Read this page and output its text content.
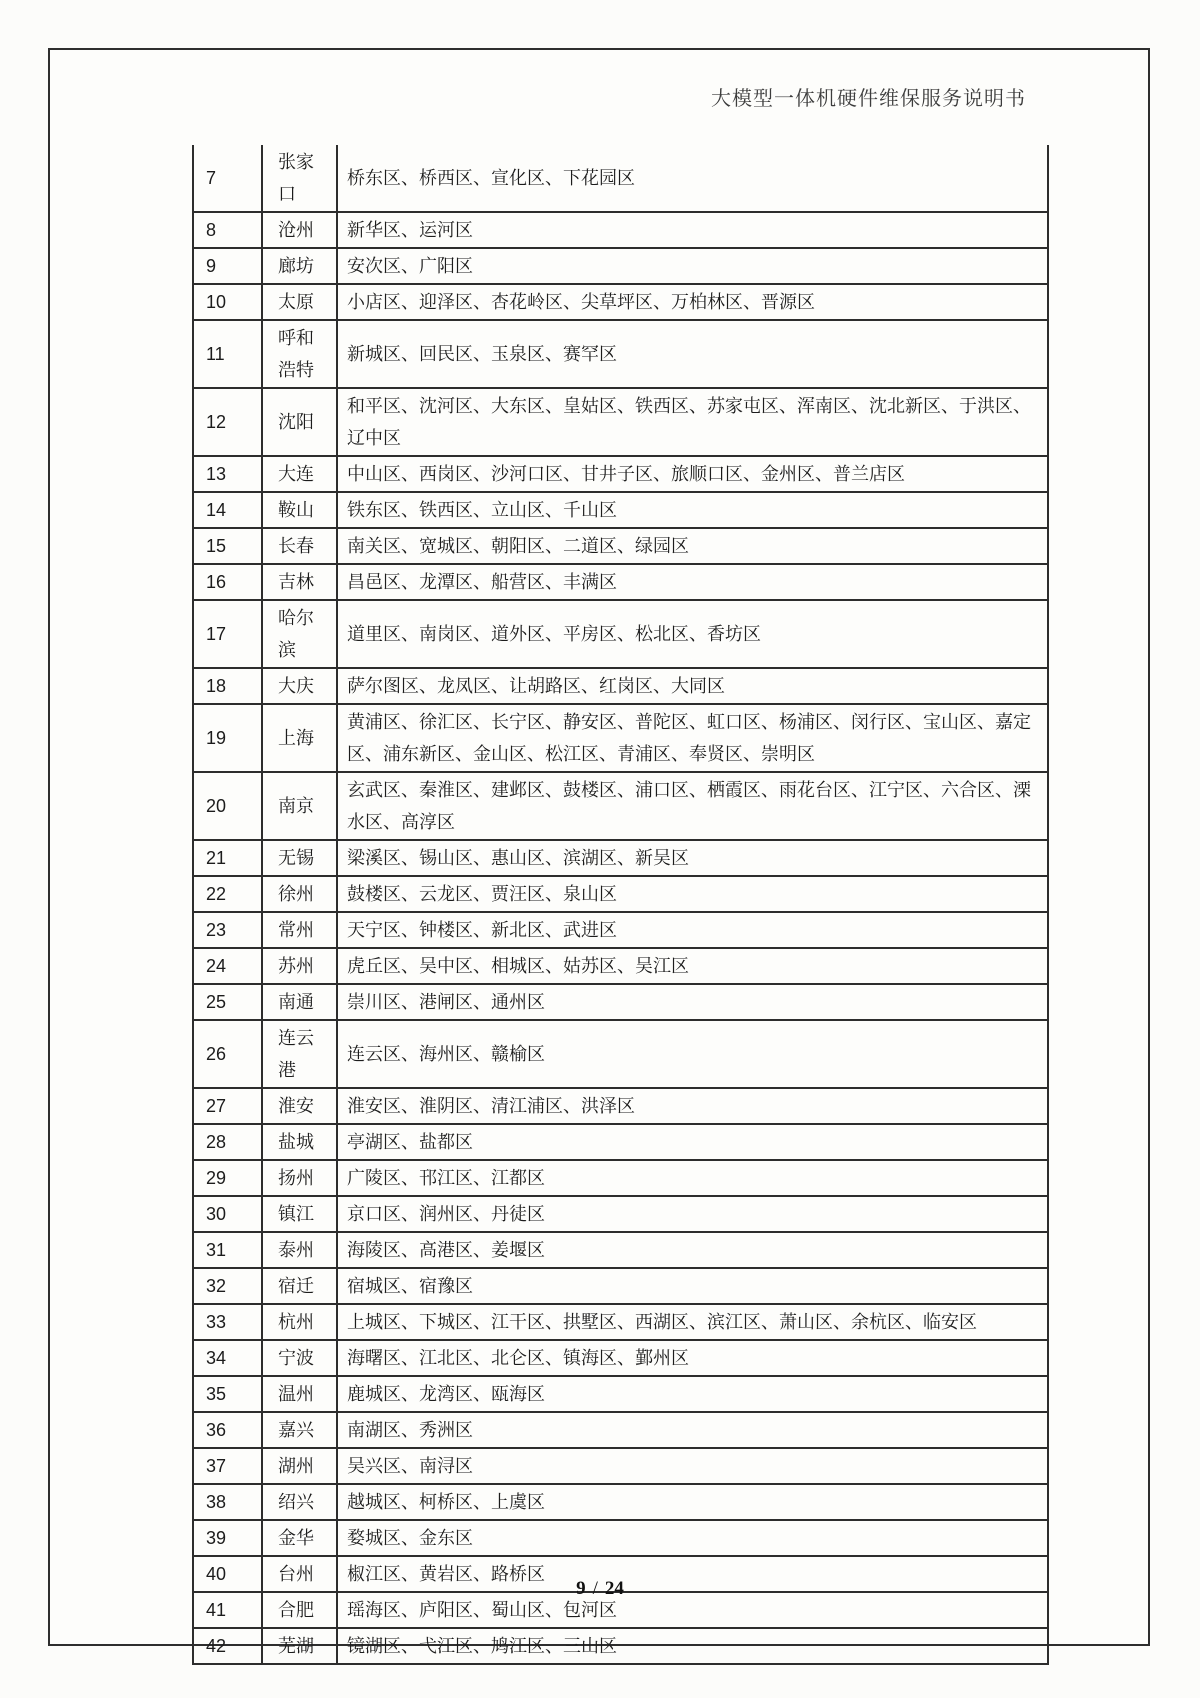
大模型一体机硬件维保服务说明书
7	张家口	桥东区、桥西区、宣化区、下花园区
8	沧州	新华区、运河区
9	廊坊	安次区、广阳区
10	太原	小店区、迎泽区、杏花岭区、尖草坪区、万柏林区、晋源区
11	呼和浩特	新城区、回民区、玉泉区、赛罕区
12	沈阳	和平区、沈河区、大东区、皇姑区、铁西区、苏家屯区、浑南区、沈北新区、于洪区、辽中区
13	大连	中山区、西岗区、沙河口区、甘井子区、旅顺口区、金州区、普兰店区
14	鞍山	铁东区、铁西区、立山区、千山区
15	长春	南关区、宽城区、朝阳区、二道区、绿园区
16	吉林	昌邑区、龙潭区、船营区、丰满区
17	哈尔滨	道里区、南岗区、道外区、平房区、松北区、香坊区
18	大庆	萨尔图区、龙凤区、让胡路区、红岗区、大同区
19	上海	黄浦区、徐汇区、长宁区、静安区、普陀区、虹口区、杨浦区、闵行区、宝山区、嘉定区、浦东新区、金山区、松江区、青浦区、奉贤区、崇明区
20	南京	玄武区、秦淮区、建邺区、鼓楼区、浦口区、栖霞区、雨花台区、江宁区、六合区、溧水区、高淳区
21	无锡	梁溪区、锡山区、惠山区、滨湖区、新吴区
22	徐州	鼓楼区、云龙区、贾汪区、泉山区
23	常州	天宁区、钟楼区、新北区、武进区
24	苏州	虎丘区、吴中区、相城区、姑苏区、吴江区
25	南通	崇川区、港闸区、通州区
26	连云港	连云区、海州区、赣榆区
27	淮安	淮安区、淮阴区、清江浦区、洪泽区
28	盐城	亭湖区、盐都区
29	扬州	广陵区、邗江区、江都区
30	镇江	京口区、润州区、丹徒区
31	泰州	海陵区、高港区、姜堰区
32	宿迁	宿城区、宿豫区
33	杭州	上城区、下城区、江干区、拱墅区、西湖区、滨江区、萧山区、余杭区、临安区
34	宁波	海曙区、江北区、北仑区、镇海区、鄞州区
35	温州	鹿城区、龙湾区、瓯海区
36	嘉兴	南湖区、秀洲区
37	湖州	吴兴区、南浔区
38	绍兴	越城区、柯桥区、上虞区
39	金华	婺城区、金东区
40	台州	椒江区、黄岩区、路桥区
41	合肥	瑶海区、庐阳区、蜀山区、包河区
42	芜湖	镜湖区、弋江区、鸠江区、三山区
9 / 24
